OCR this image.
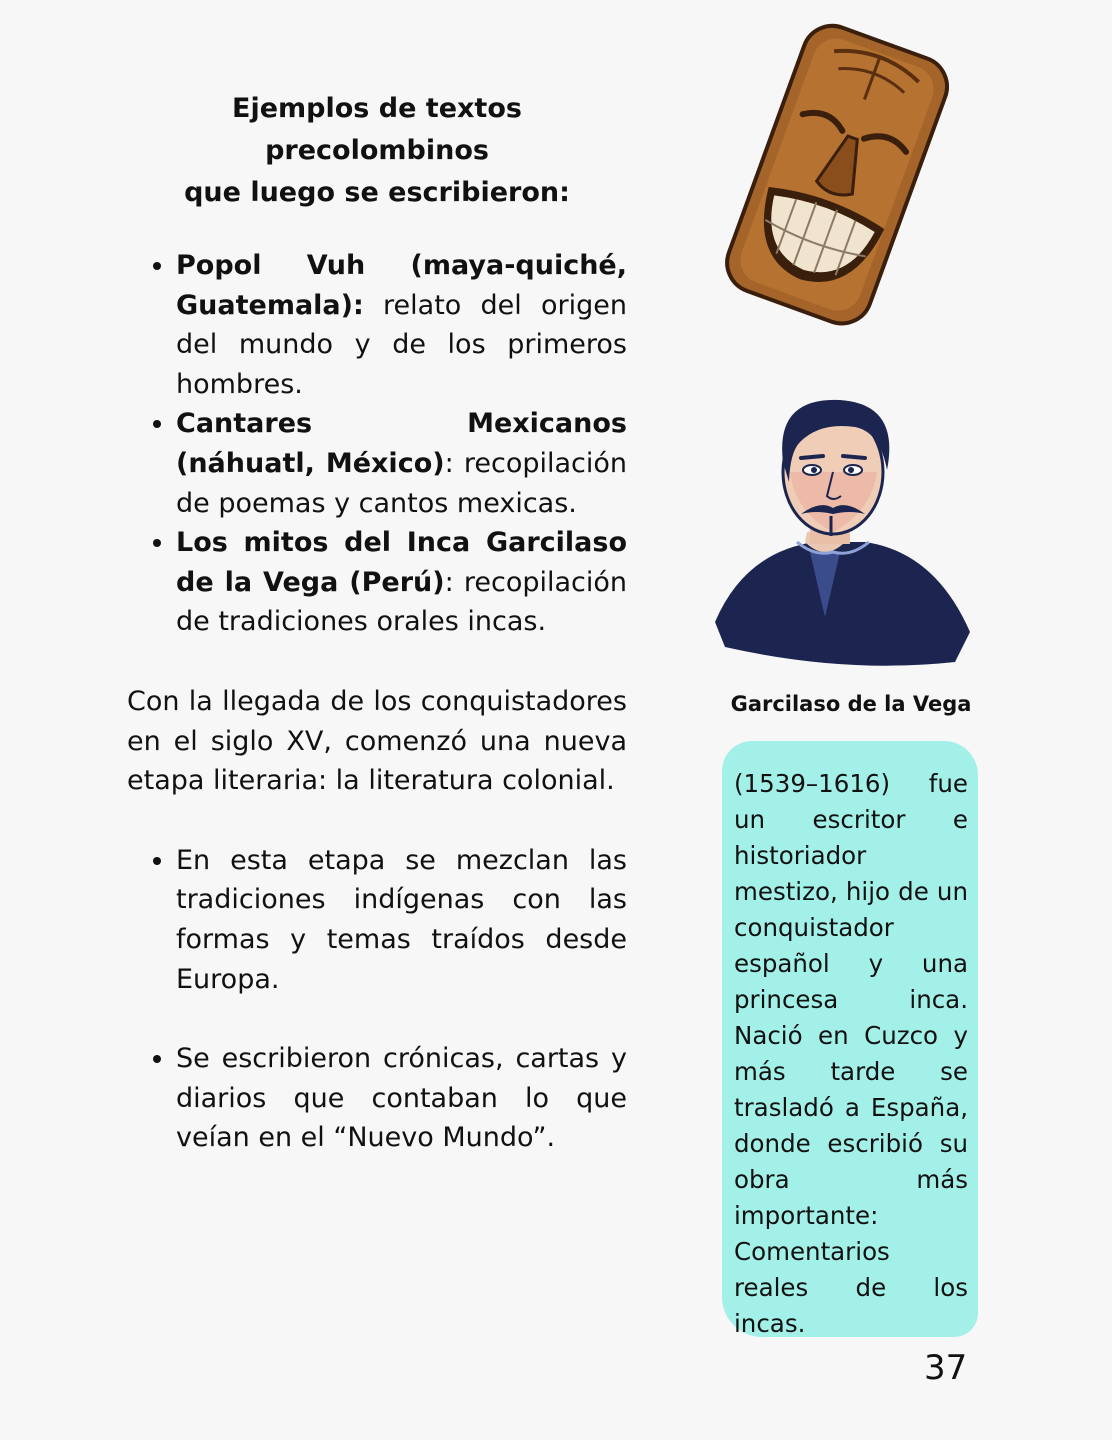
Ejemplos de textos precolombinos
que luego se escribieron:
• Popol Vuh (maya-quiché, Guatemala): relato del origen del mundo y de los primeros hombres.
• Cantares Mexicanos (náhuatl, México): recopilación de poemas y cantos mexicas.
• Los mitos del Inca Garcilaso de la Vega (Perú): recopilación de tradiciones orales incas.

Con la llegada de los conquistadores en el siglo XV, comenzó una nueva etapa literaria: la literatura colonial.

• En esta etapa se mezclan las tradiciones indígenas con las formas y temas traídos desde Europa.
• Se escribieron crónicas, cartas y diarios que contaban lo que veían en el “Nuevo Mundo”.
Garcilaso de la Vega

(1539–1616) fue un escritor e historiador mestizo, hijo de un conquistador español y una princesa inca. Nació en Cuzco y más tarde se trasladó a España, donde escribió su obra más importante: Comentarios reales de los incas.

37
